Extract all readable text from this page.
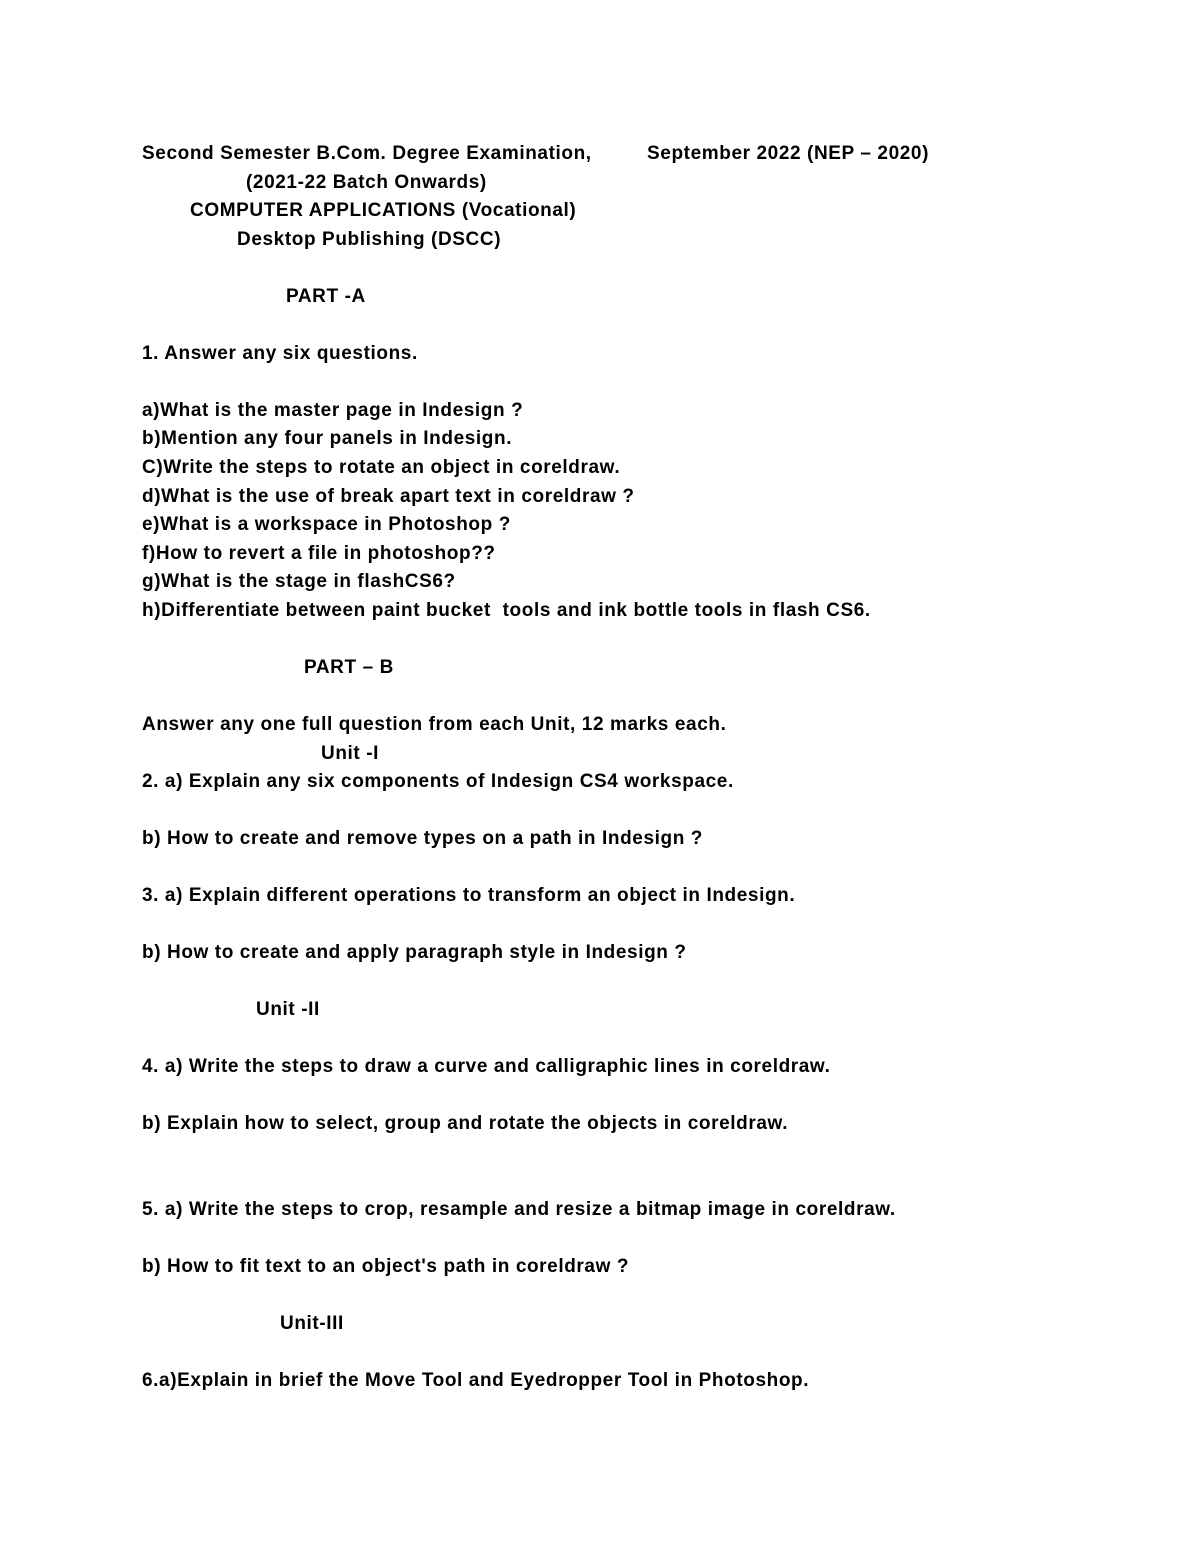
Second Semester B.Com. Degree Examination,	September 2022 (NEP – 2020)
(2021-22 Batch Onwards)
COMPUTER APPLICATIONS (Vocational)
Desktop Publishing (DSCC)
PART -A
1. Answer any six questions.
a)What is the master page in Indesign ?
b)Mention any four panels in Indesign.
C)Write the steps to rotate an object in coreldraw.
d)What is the use of break apart text in coreldraw ?
e)What is a workspace in Photoshop ?
f)How to revert a file in photoshop??
g)What is the stage in flashCS6?
h)Differentiate between paint bucket  tools and ink bottle tools in flash CS6.
PART – B
Answer any one full question from each Unit, 12 marks each.
Unit -I
2. a) Explain any six components of Indesign CS4 workspace.
b) How to create and remove types on a path in Indesign ?
3. a) Explain different operations to transform an object in Indesign.
b) How to create and apply paragraph style in Indesign ?
Unit -II
4. a) Write the steps to draw a curve and calligraphic lines in coreldraw.
b) Explain how to select, group and rotate the objects in coreldraw.
5. a) Write the steps to crop, resample and resize a bitmap image in coreldraw.
b) How to fit text to an object's path in coreldraw ?
Unit-III
6.a)Explain in brief the Move Tool and Eyedropper Tool in Photoshop.
